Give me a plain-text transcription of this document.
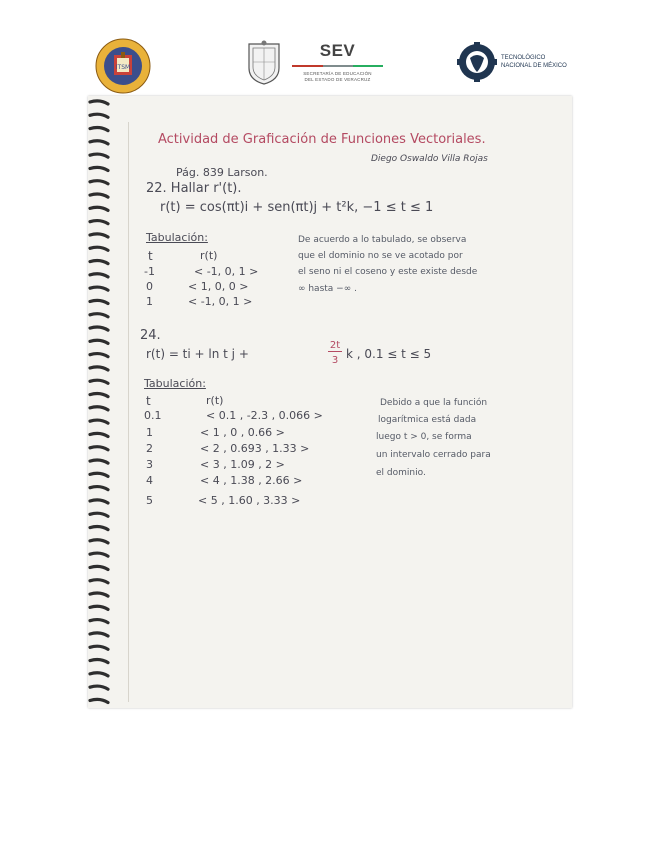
ITSM
SEV
SECRETARÍA DE EDUCACIÓN
DEL ESTADO DE VERACRUZ
TECNOLÓGICO
NACIONAL DE MÉXICO
Actividad de Graficación de Funciones Vectoriales.
Diego Oswaldo Villa Rojas
Pág. 839 Larson.
22. Hallar r'(t).
r(t) = cos(πt)i + sen(πt)j + t²k, −1 ≤ t ≤ 1
Tabulación:
t	r(t)
-1	< -1, 0, 1 >
0	< 1, 0, 0 >
1	< -1, 0, 1 >
De acuerdo a lo tabulado, se observa
que el dominio no se ve acotado por
el seno ni el coseno y este existe desde
∞ hasta −∞ .
24.
r(t) = ti + ln t j +
2t
3 k , 0.1 ≤ t ≤ 5
Tabulación:
t	r(t)
0.1	< 0.1 , -2.3 , 0.066 >
1	< 1 , 0 , 0.66 >
2	< 2 , 0.693 , 1.33 >
3	< 3 , 1.09 , 2 >
4	< 4 , 1.38 , 2.66 >
5	< 5 , 1.60 , 3.33 >
Debido a que la función
logarítmica está dada
luego t > 0, se forma
un intervalo cerrado para
el dominio.
